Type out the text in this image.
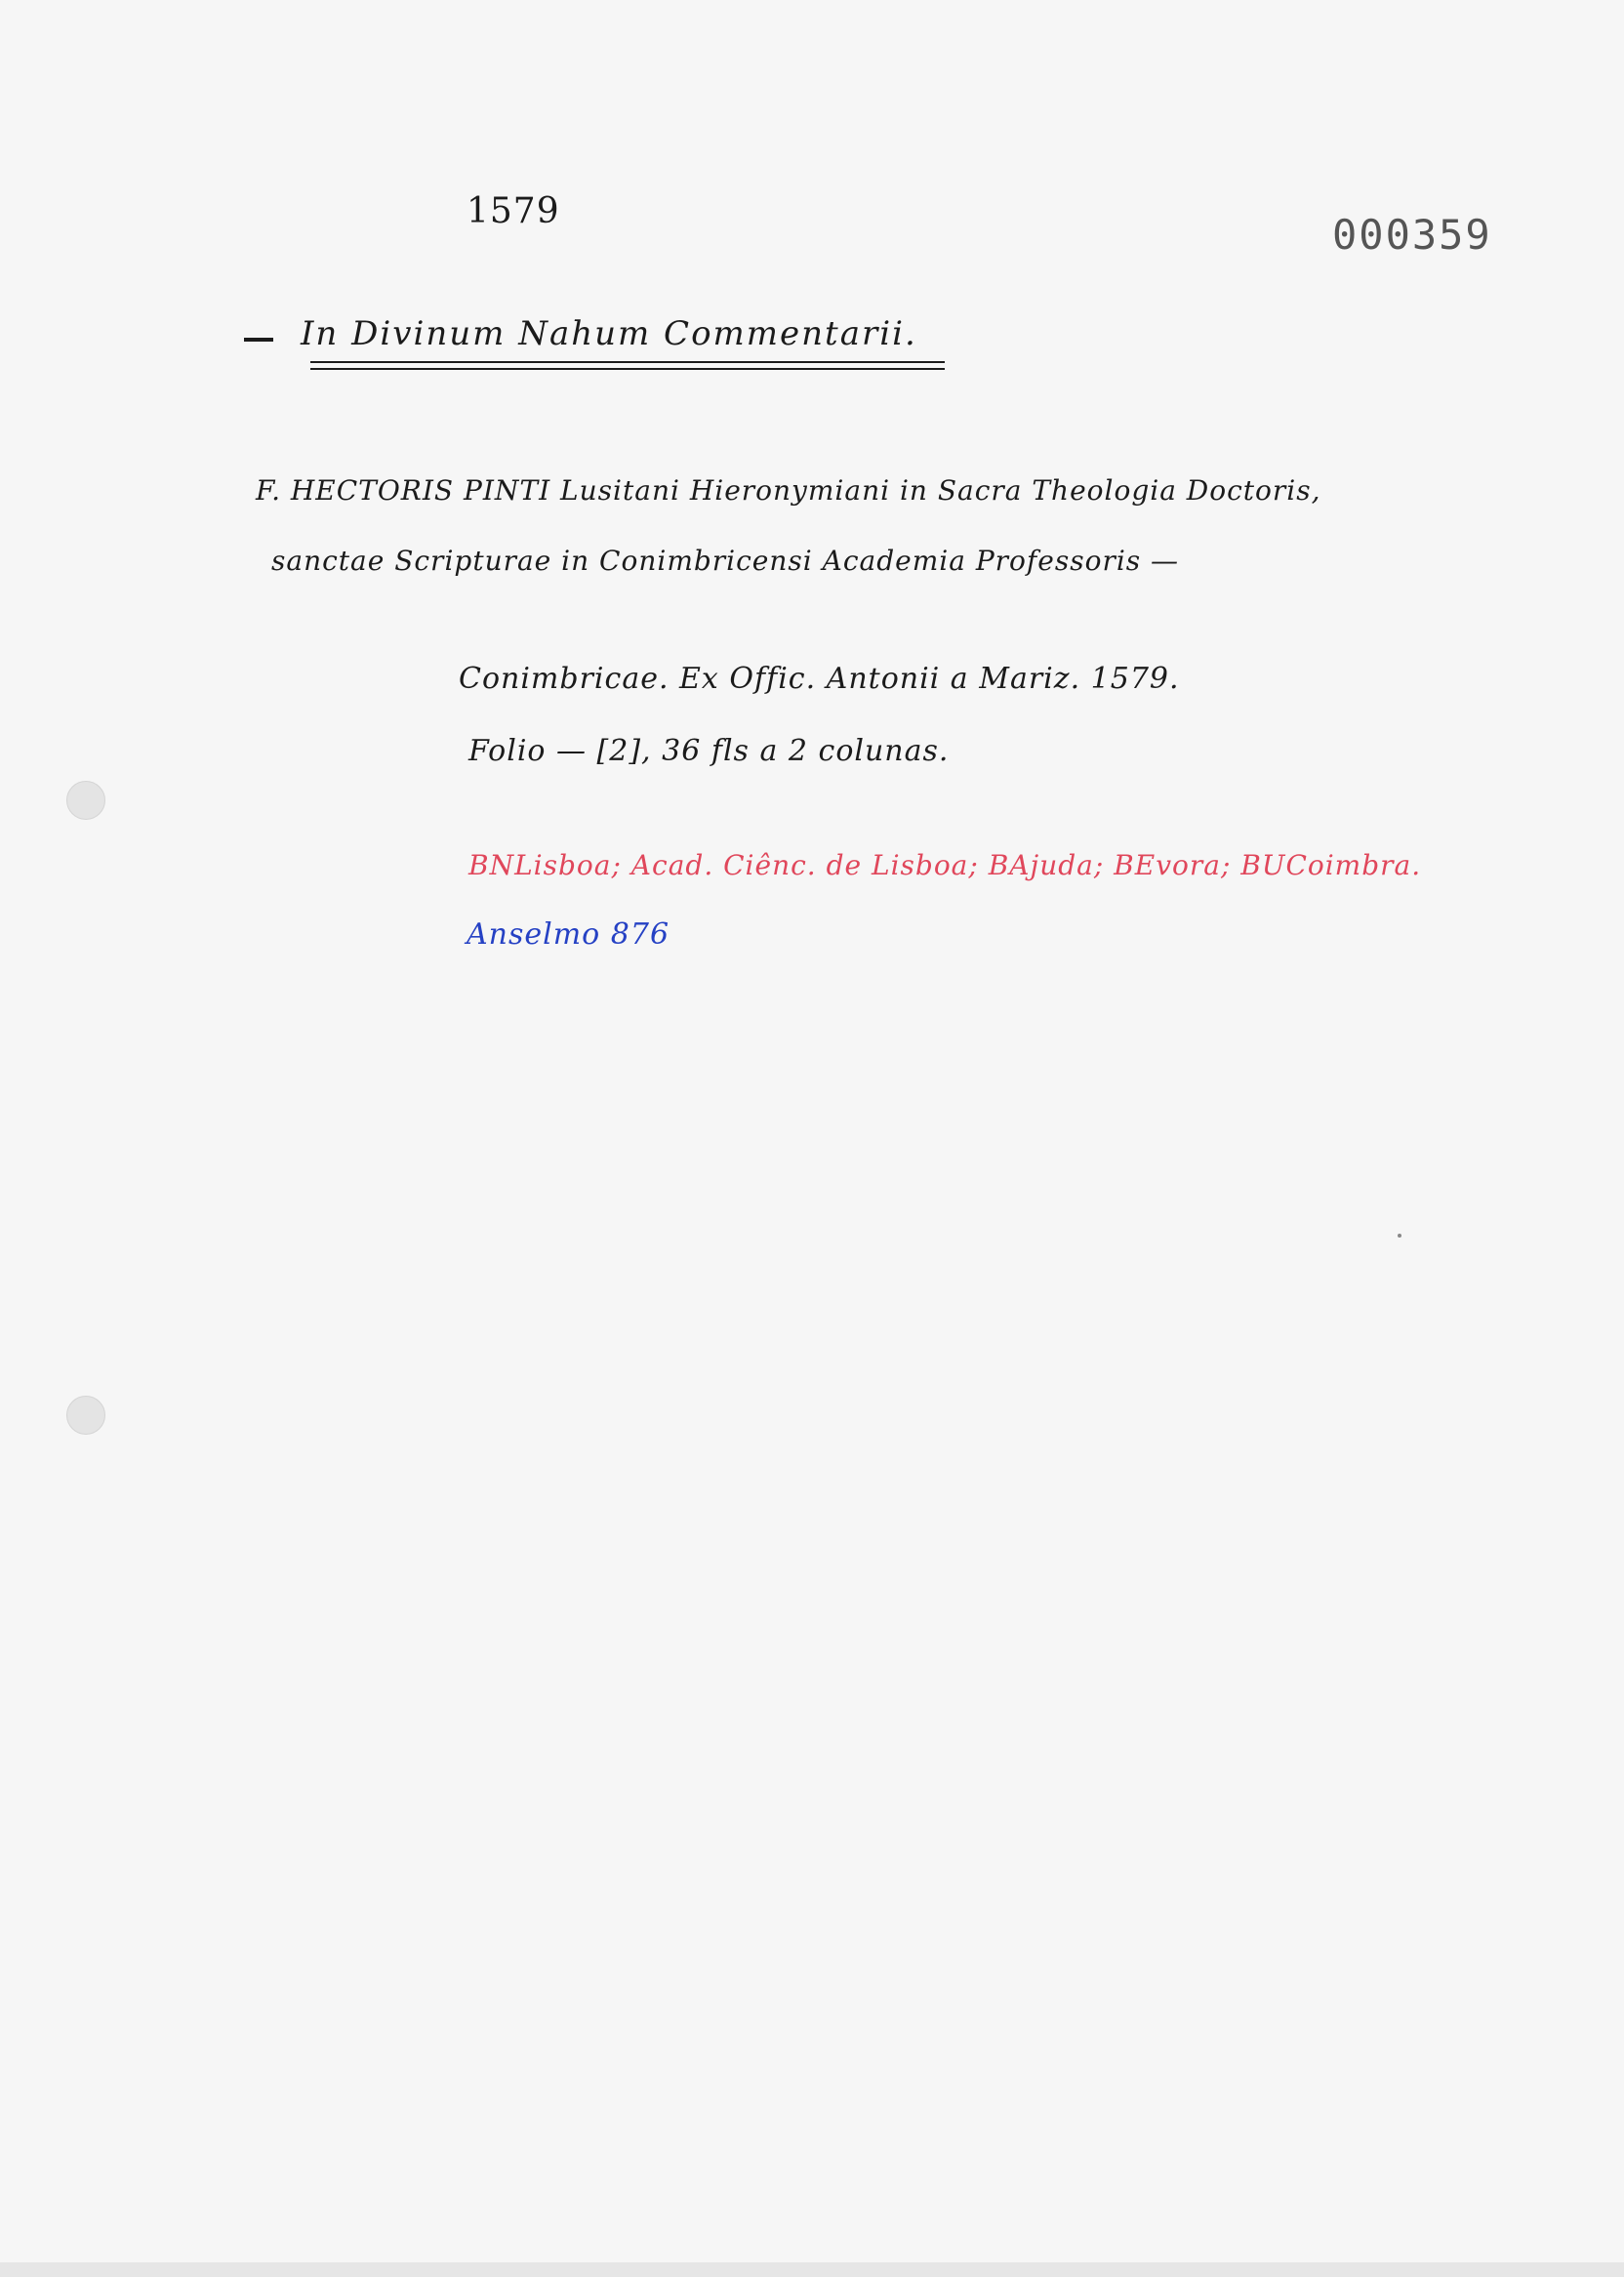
1579	000359
In Divinum Nahum Commentarii.
F. HECTORIS PINTI Lusitani Hieronymiani in Sacra Theologia Doctoris,
sanctae Scripturae in Conimbricensi Academia Professoris —
Conimbricae. Ex Offic. Antonii a Mariz. 1579.
Folio — [2], 36 fls a 2 colunas.
BNLisboa; Acad. Ciênc. de Lisboa; BAjuda; BEvora; BUCoimbra.
Anselmo 876
